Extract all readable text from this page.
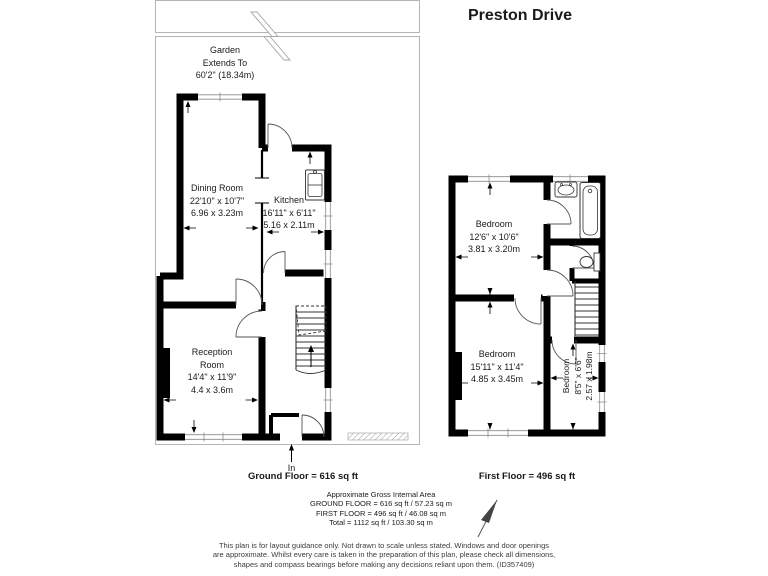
Preston Drive
Garden
Extends To
60'2" (18.34m)
Dining Room
22'10" x 10'7"
6.96 x 3.23m
Kitchen
16'11" x 6'11"
5.16 x 2.11m
Reception
Room
14'4" x 11'9"
4.4 x 3.6m
Bedroom
12'6" x 10'6"
3.81 x 3.20m
Bedroom
15'11" x 11'4"
4.85 x 3.45m	Bedroom 8'5" x 6'6" 2.57 x 1.98m
In
Ground Floor = 616 sq ft	First Floor = 496 sq ft
Approximate Gross Internal Area
GROUND FLOOR = 616 sq ft / 57.23 sq m
FIRST FLOOR = 496 sq ft / 46.08 sq m
Total = 1112 sq ft / 103.30 sq m
This plan is for layout guidance only. Not drawn to scale unless stated. Windows and door openings
are approximate. Whilst every care is taken in the preparation of this plan, please check all dimensions,
shapes and compass bearings before making any decisions reliant upon them. (ID357409)
